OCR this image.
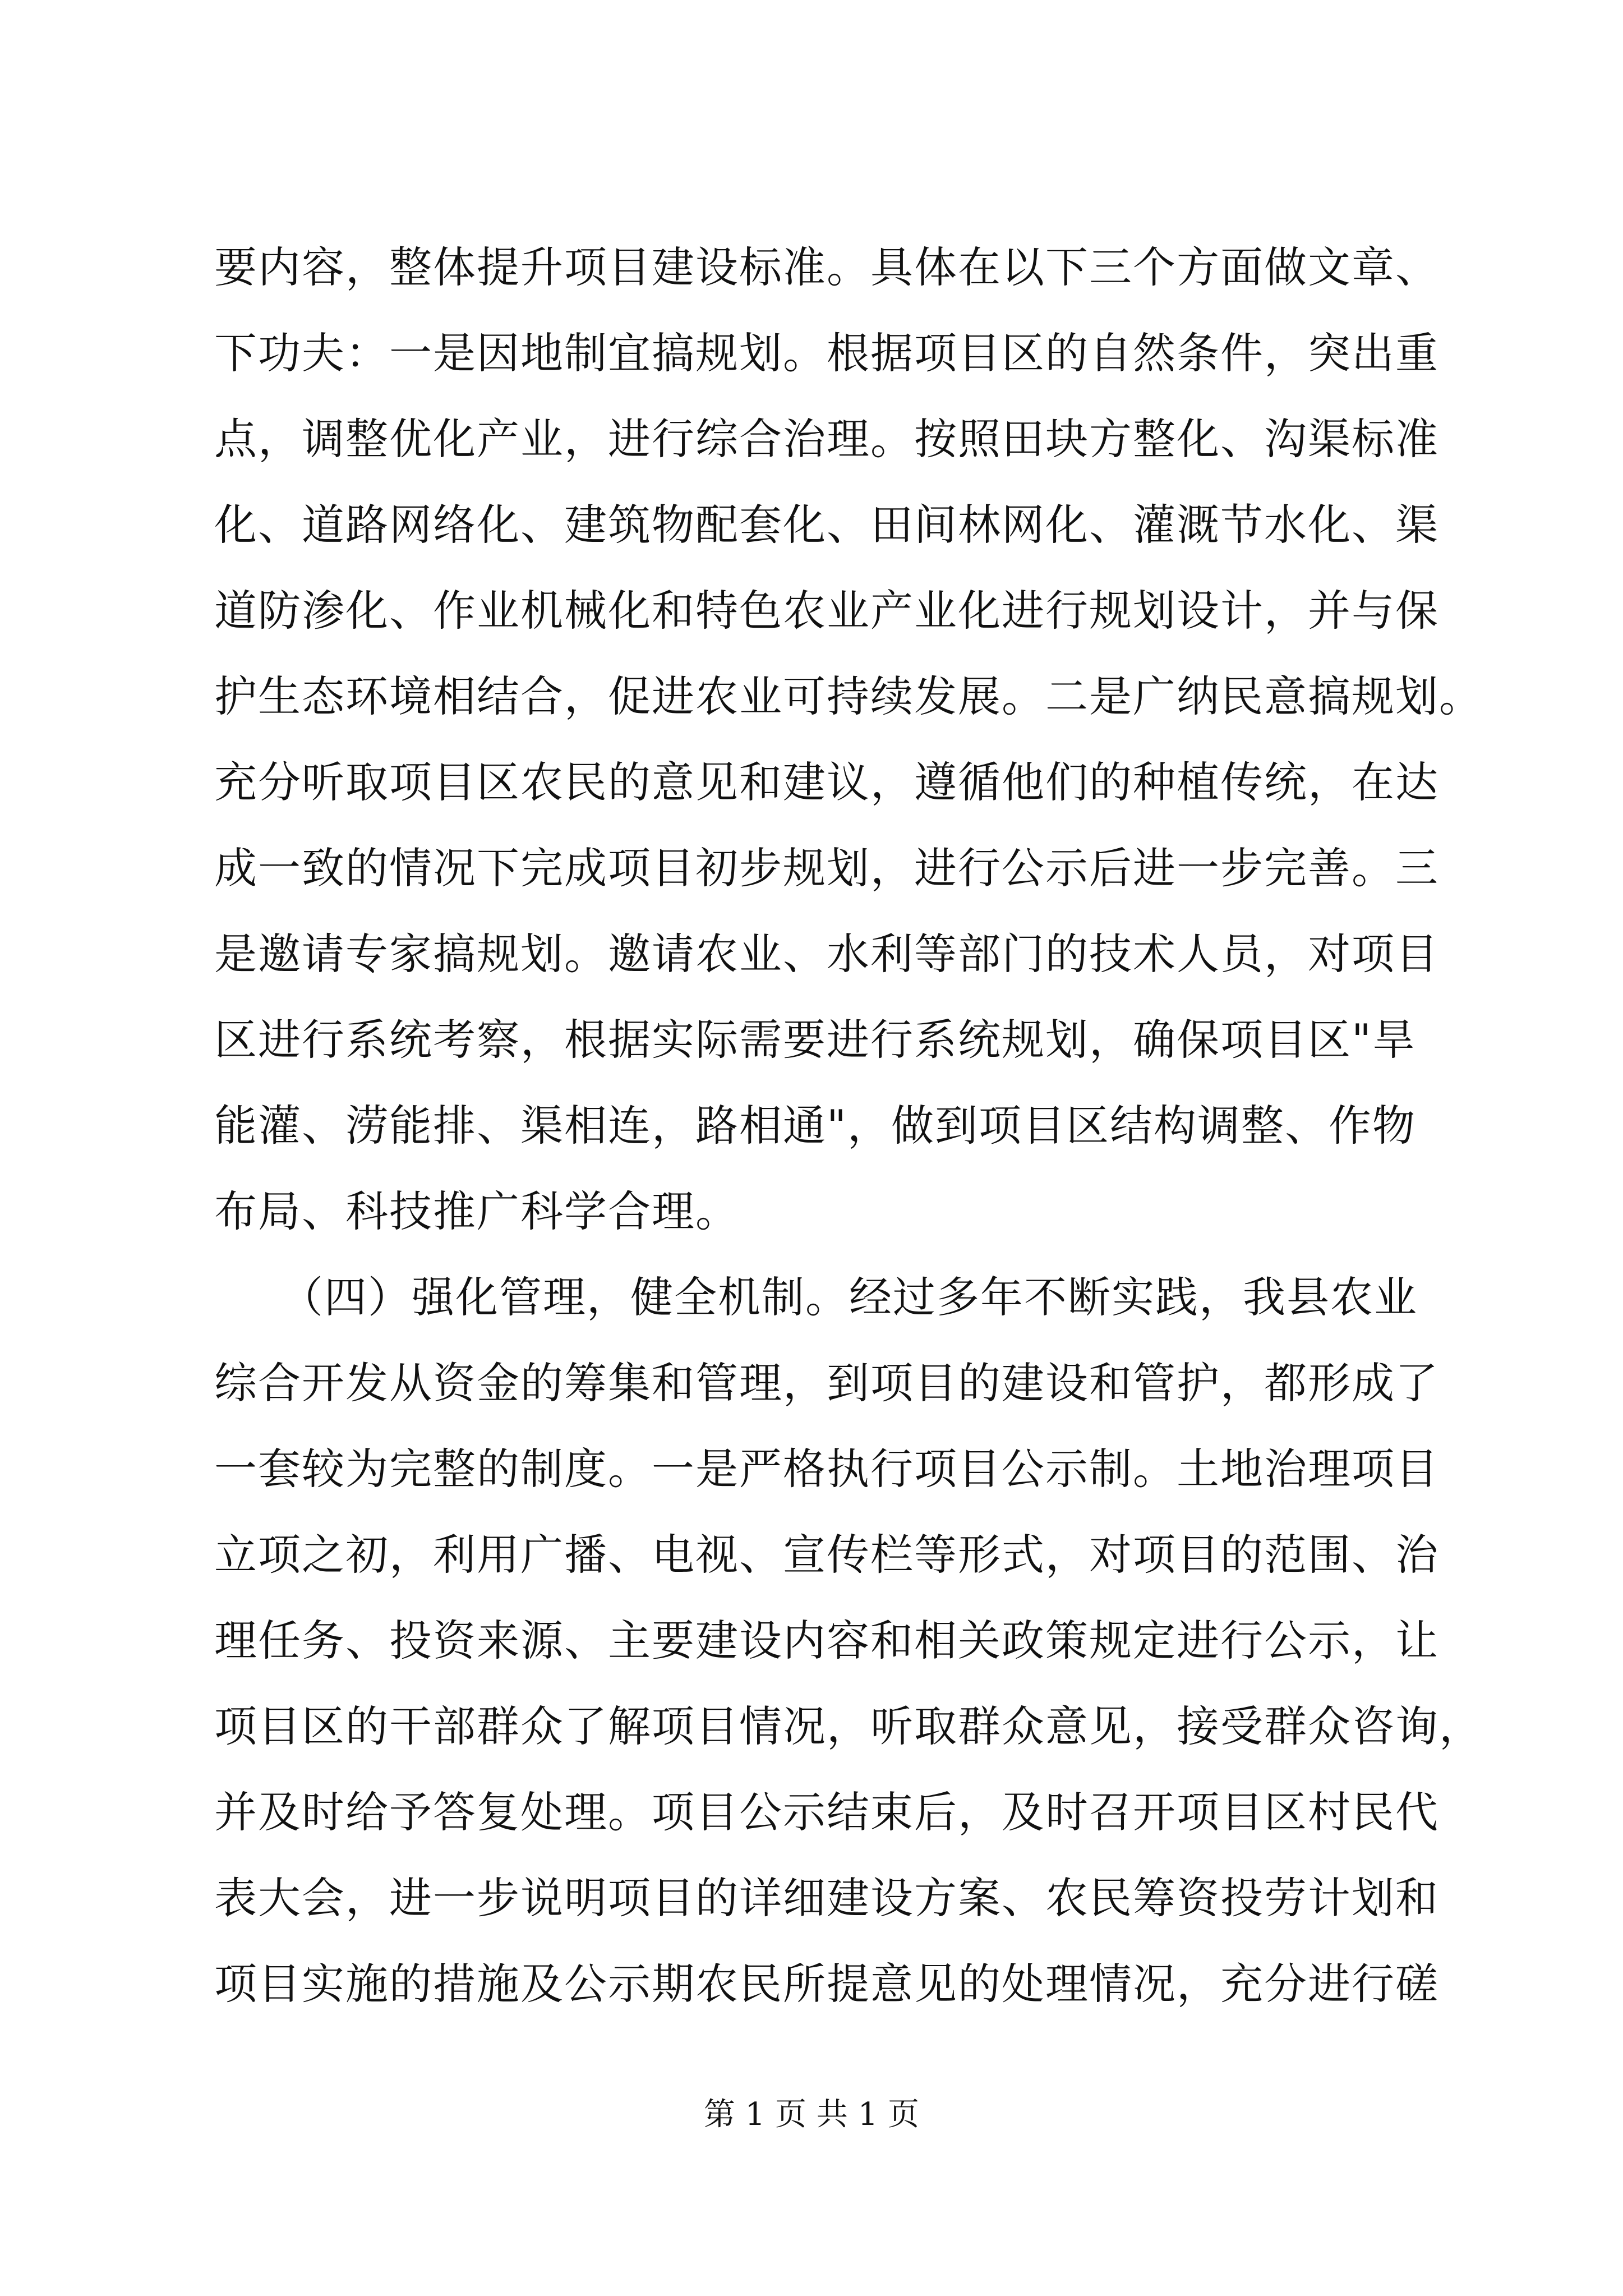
要内容，整体提升项目建设标准。具体在以下三个方面做文章、
下功夫：一是因地制宜搞规划。根据项目区的自然条件，突出重
点，调整优化产业，进行综合治理。按照田块方整化、沟渠标准
化、道路网络化、建筑物配套化、田间林网化、灌溉节水化、渠
道防渗化、作业机械化和特色农业产业化进行规划设计，并与保
护生态环境相结合，促进农业可持续发展。二是广纳民意搞规划。
充分听取项目区农民的意见和建议，遵循他们的种植传统，在达
成一致的情况下完成项目初步规划，进行公示后进一步完善。三
是邀请专家搞规划。邀请农业、水利等部门的技术人员，对项目
区进行系统考察，根据实际需要进行系统规划，确保项目区"旱
能灌、涝能排、渠相连，路相通"，做到项目区结构调整、作物
布局、科技推广科学合理。
　　（四）强化管理，健全机制。经过多年不断实践，我县农业
综合开发从资金的筹集和管理，到项目的建设和管护，都形成了
一套较为完整的制度。一是严格执行项目公示制。土地治理项目
立项之初，利用广播、电视、宣传栏等形式，对项目的范围、治
理任务、投资来源、主要建设内容和相关政策规定进行公示，让
项目区的干部群众了解项目情况，听取群众意见，接受群众咨询，
并及时给予答复处理。项目公示结束后，及时召开项目区村民代
表大会，进一步说明项目的详细建设方案、农民筹资投劳计划和
项目实施的措施及公示期农民所提意见的处理情况，充分进行磋
第 1 页 共 1 页
